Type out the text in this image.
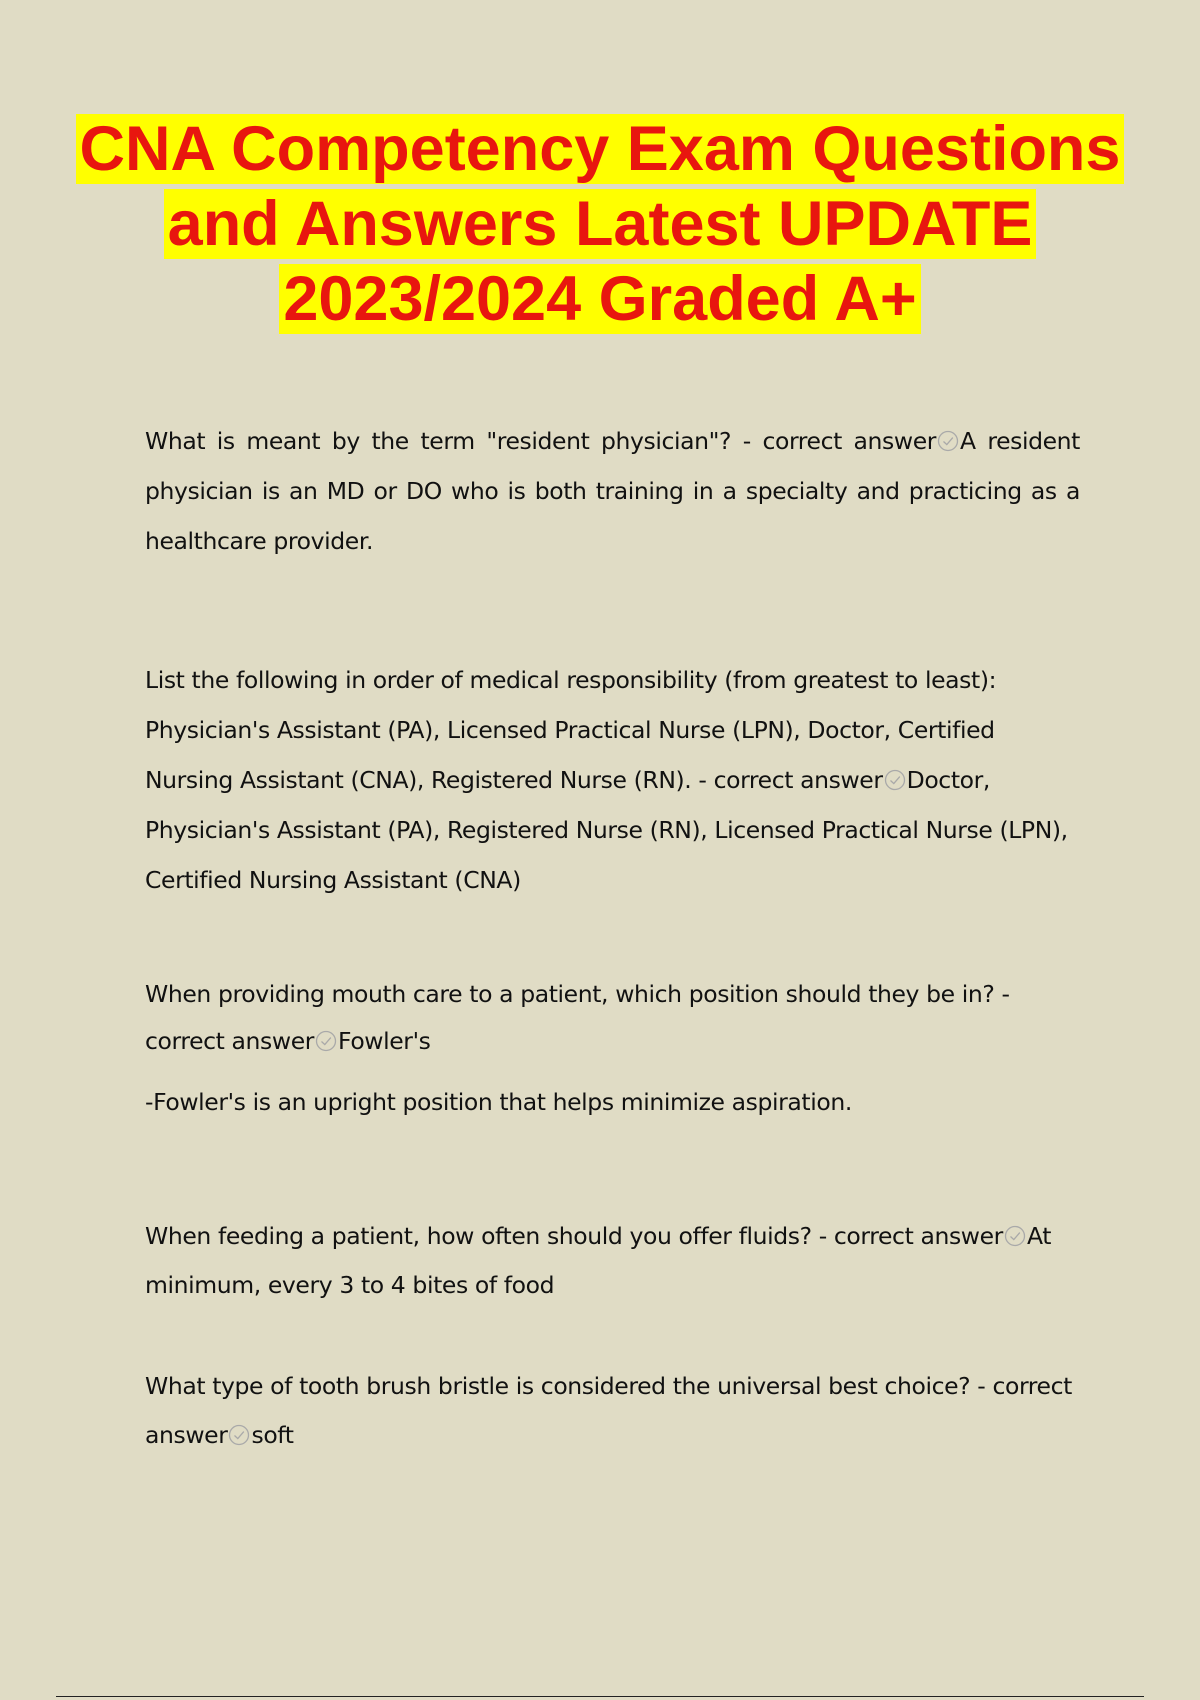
CNA Competency Exam Questions
and Answers Latest UPDATE
2023/2024 Graded A+

What is meant by the term "resident physician"? - correct answer A resident physician is an MD or DO who is both training in a specialty and practicing as a healthcare provider.

List the following in order of medical responsibility (from greatest to least): Physician's Assistant (PA), Licensed Practical Nurse (LPN), Doctor, Certified Nursing Assistant (CNA), Registered Nurse (RN). - correct answer Doctor, Physician's Assistant (PA), Registered Nurse (RN), Licensed Practical Nurse (LPN), Certified Nursing Assistant (CNA)

When providing mouth care to a patient, which position should they be in? - correct answer Fowler's

-Fowler's is an upright position that helps minimize aspiration.

When feeding a patient, how often should you offer fluids? - correct answer At minimum, every 3 to 4 bites of food

What type of tooth brush bristle is considered the universal best choice? - correct answer soft
